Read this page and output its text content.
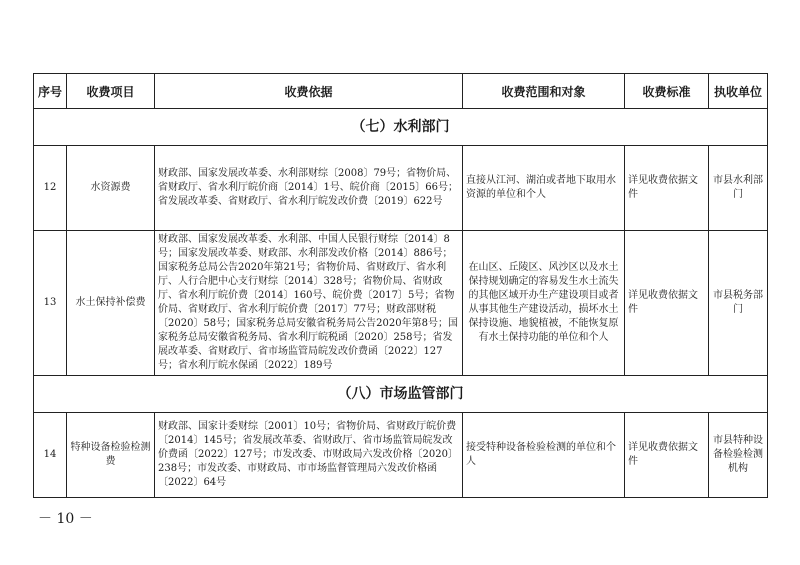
序号	收费项目	收费依据	收费范围和对象	收费标准	执收单位
（七）水利部门					
12	水资源费	财政部、国家发展改革委、水利部财综〔2008〕79号；省物价局、省财政厅、省水利厅皖价商〔2014〕1号、皖价商〔2015〕66号；省发展改革委、省财政厅、省水利厅皖发改价费〔2019〕622号	直接从江河、湖泊或者地下取用水资源的单位和个人	详见收费依据文件	市县水利部门
13	水土保持补偿费	财政部、国家发展改革委、水利部、中国人民银行财综〔2014〕8号；国家发展改革委、财政部、水利部发改价格〔2014〕886号；国家税务总局公告2020年第21号；省物价局、省财政厅、省水利厅、人行合肥中心支行财综〔2014〕328号；省物价局、省财政厅、省水利厅皖价费〔2014〕160号、皖价费〔2017〕5号；省物价局、省财政厅、省水利厅皖价费〔2017〕77号；财政部财税〔2020〕58号；国家税务总局安徽省税务局公告2020年第8号；国家税务总局安徽省税务局、省水利厅皖税函〔2020〕258号；省发展改革委、省财政厅、省市场监管局皖发改价费函〔2022〕127号；省水利厅皖水保函〔2022〕189号	在山区、丘陵区、风沙区以及水土保持规划确定的容易发生水土流失的其他区域开办生产建设项目或者从事其他生产建设活动，损坏水土保持设施、地貌植被，不能恢复原有水土保持功能的单位和个人	详见收费依据文件	市县税务部门
（八）市场监管部门					
14	特种设备检验检测费	财政部、国家计委财综〔2001〕10号；省物价局、省财政厅皖价费〔2014〕145号；省发展改革委、省财政厅、省市场监管局皖发改价费函〔2022〕127号；市发改委、市财政局六发改价格〔2020〕238号；市发改委、市财政局、市市场监督管理局六发改价格函〔2022〕64号	接受特种设备检验检测的单位和个人	详见收费依据文件	市县特种设备检验检测机构
－ 10 －
